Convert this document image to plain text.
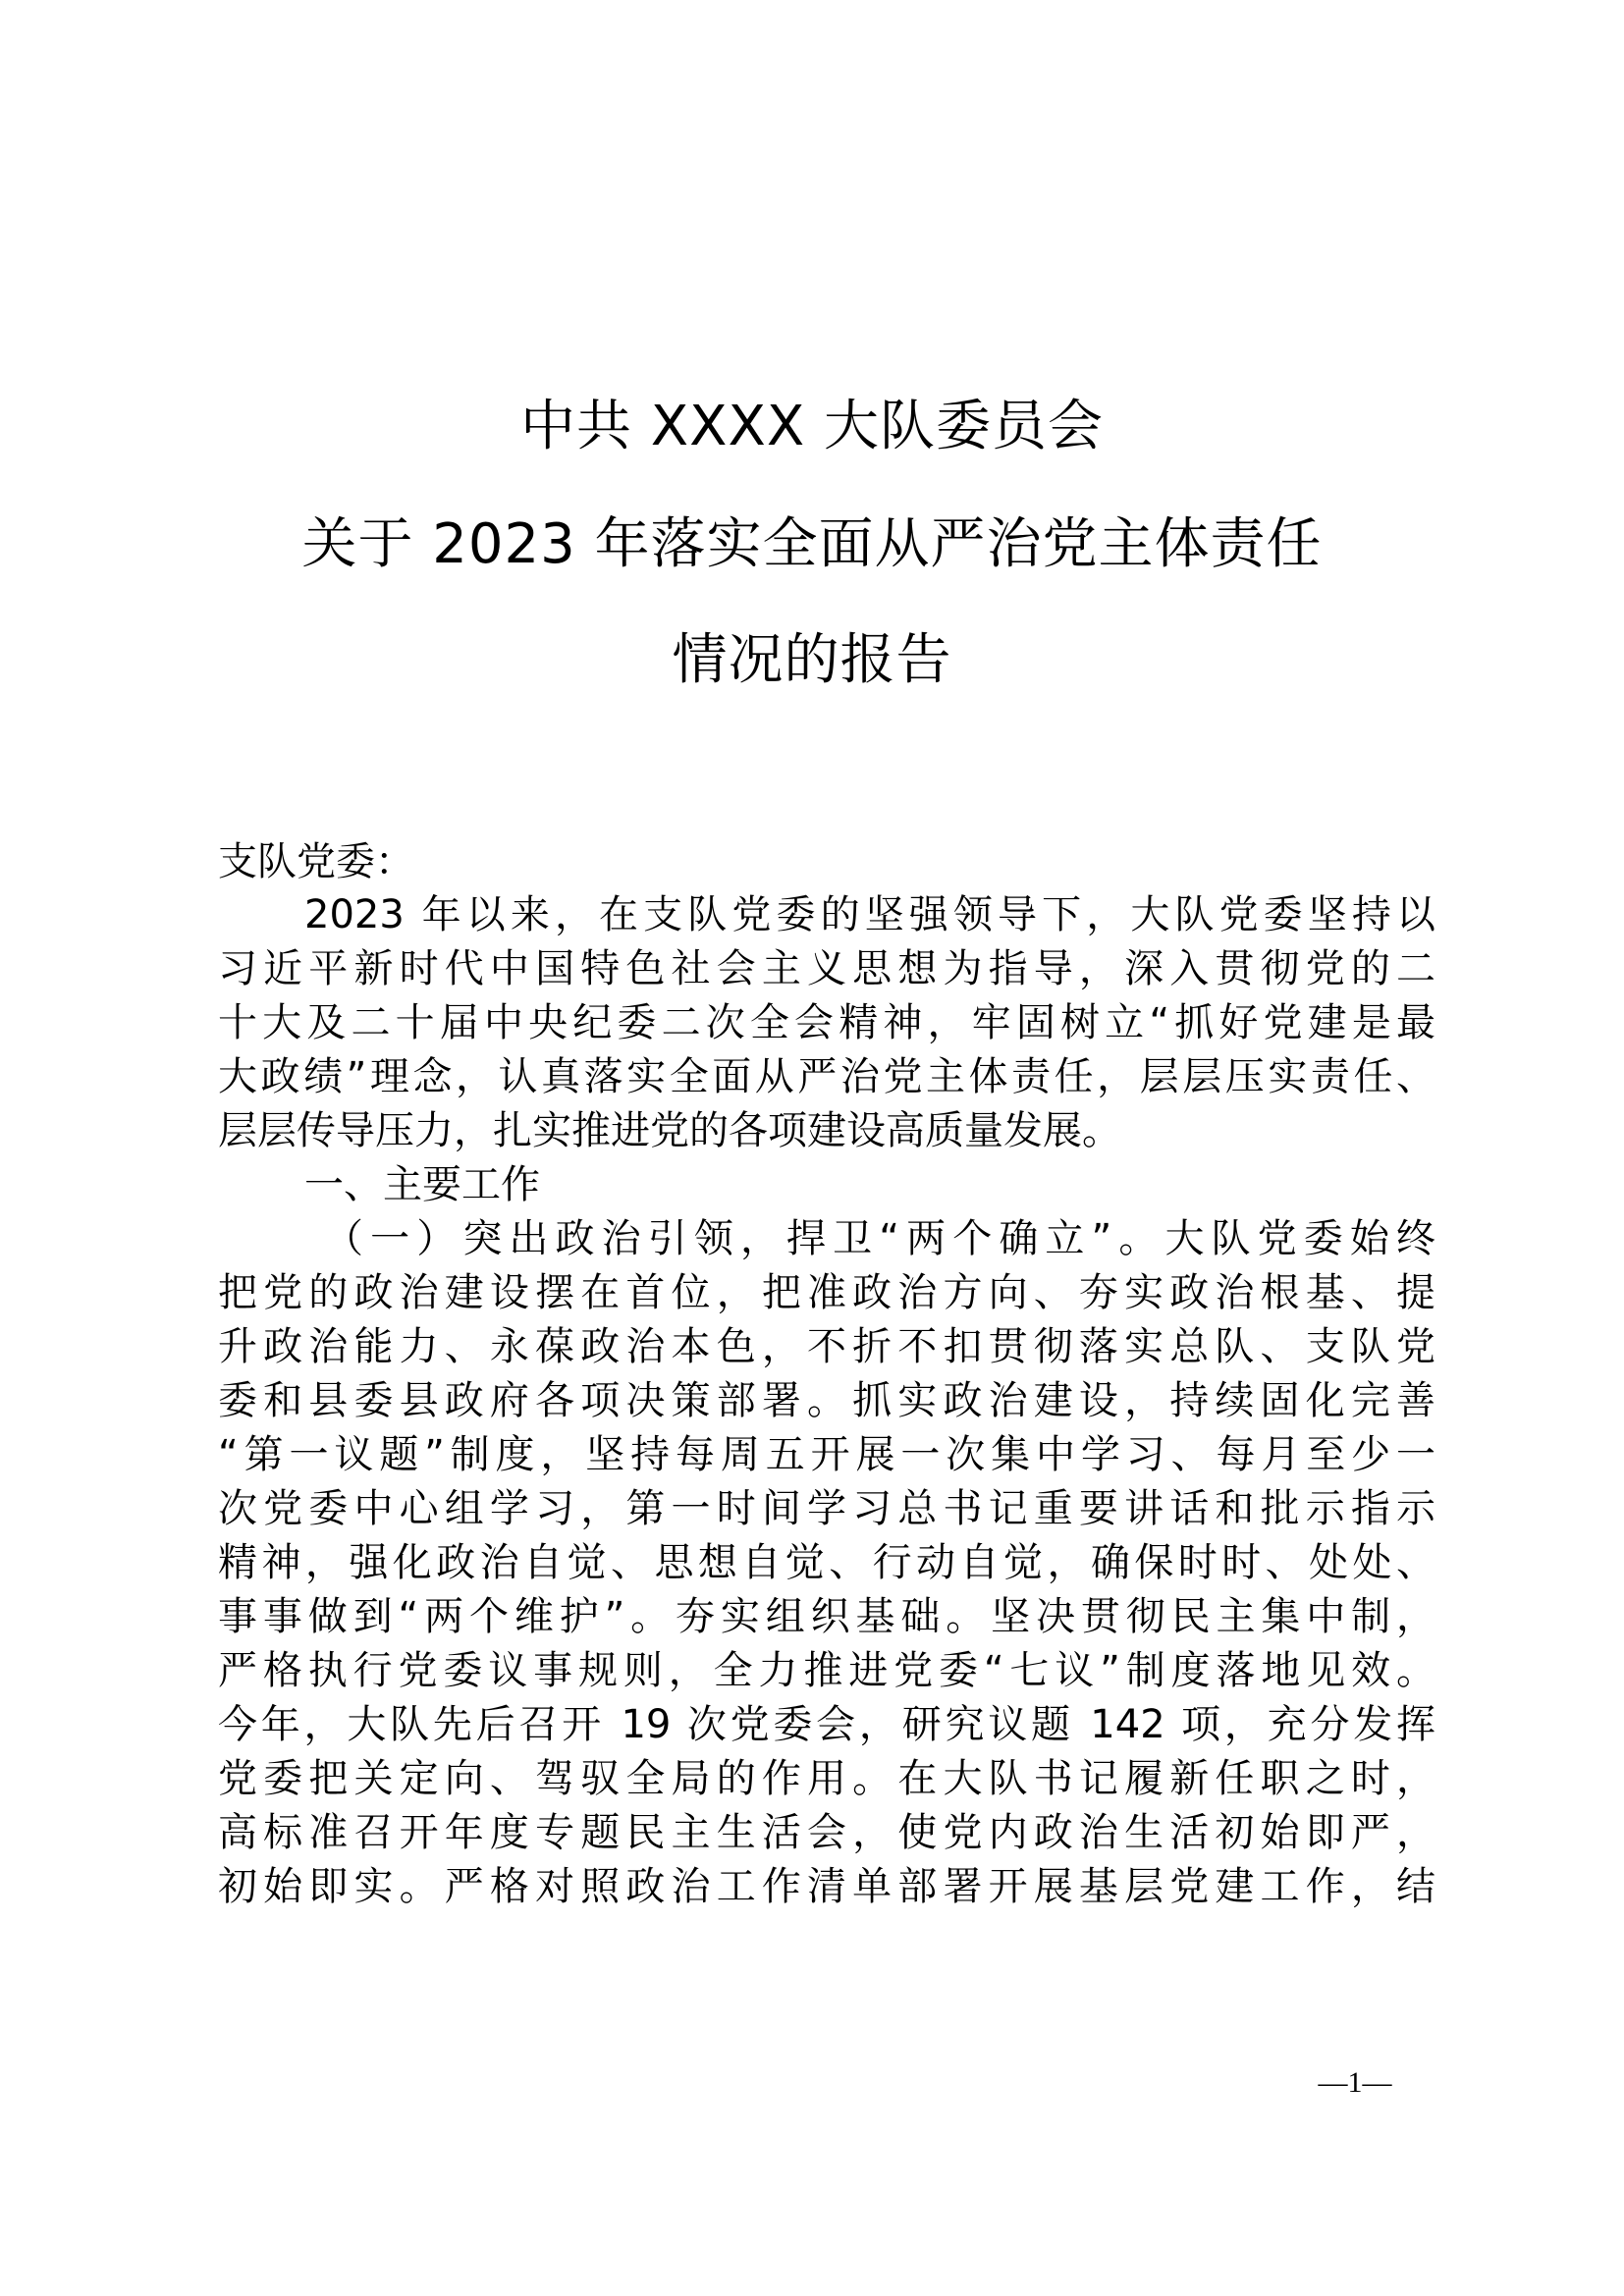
中共 XXXX 大队委员会
关于 2023 年落实全面从严治党主体责任
情况的报告
支队党委：
2023 年以来，在支队党委的坚强领导下，大队党委坚持以
习近平新时代中国特色社会主义思想为指导，深入贯彻党的二
十大及二十届中央纪委二次全会精神，牢固树立“抓好党建是最
大政绩”理念，认真落实全面从严治党主体责任，层层压实责任、
层层传导压力，扎实推进党的各项建设高质量发展。
一、主要工作
（一）突出政治引领，捍卫“两个确立”。大队党委始终
把党的政治建设摆在首位，把准政治方向、夯实政治根基、提
升政治能力、永葆政治本色，不折不扣贯彻落实总队、支队党
委和县委县政府各项决策部署。抓实政治建设，持续固化完善
“第一议题”制度，坚持每周五开展一次集中学习、每月至少一
次党委中心组学习，第一时间学习总书记重要讲话和批示指示
精神，强化政治自觉、思想自觉、行动自觉，确保时时、处处、
事事做到“两个维护”。夯实组织基础。坚决贯彻民主集中制，
严格执行党委议事规则，全力推进党委“七议”制度落地见效。
今年，大队先后召开 19 次党委会，研究议题 142 项，充分发挥
党委把关定向、驾驭全局的作用。在大队书记履新任职之时，
高标准召开年度专题民主生活会，使党内政治生活初始即严，
初始即实。严格对照政治工作清单部署开展基层党建工作，结
—1—
